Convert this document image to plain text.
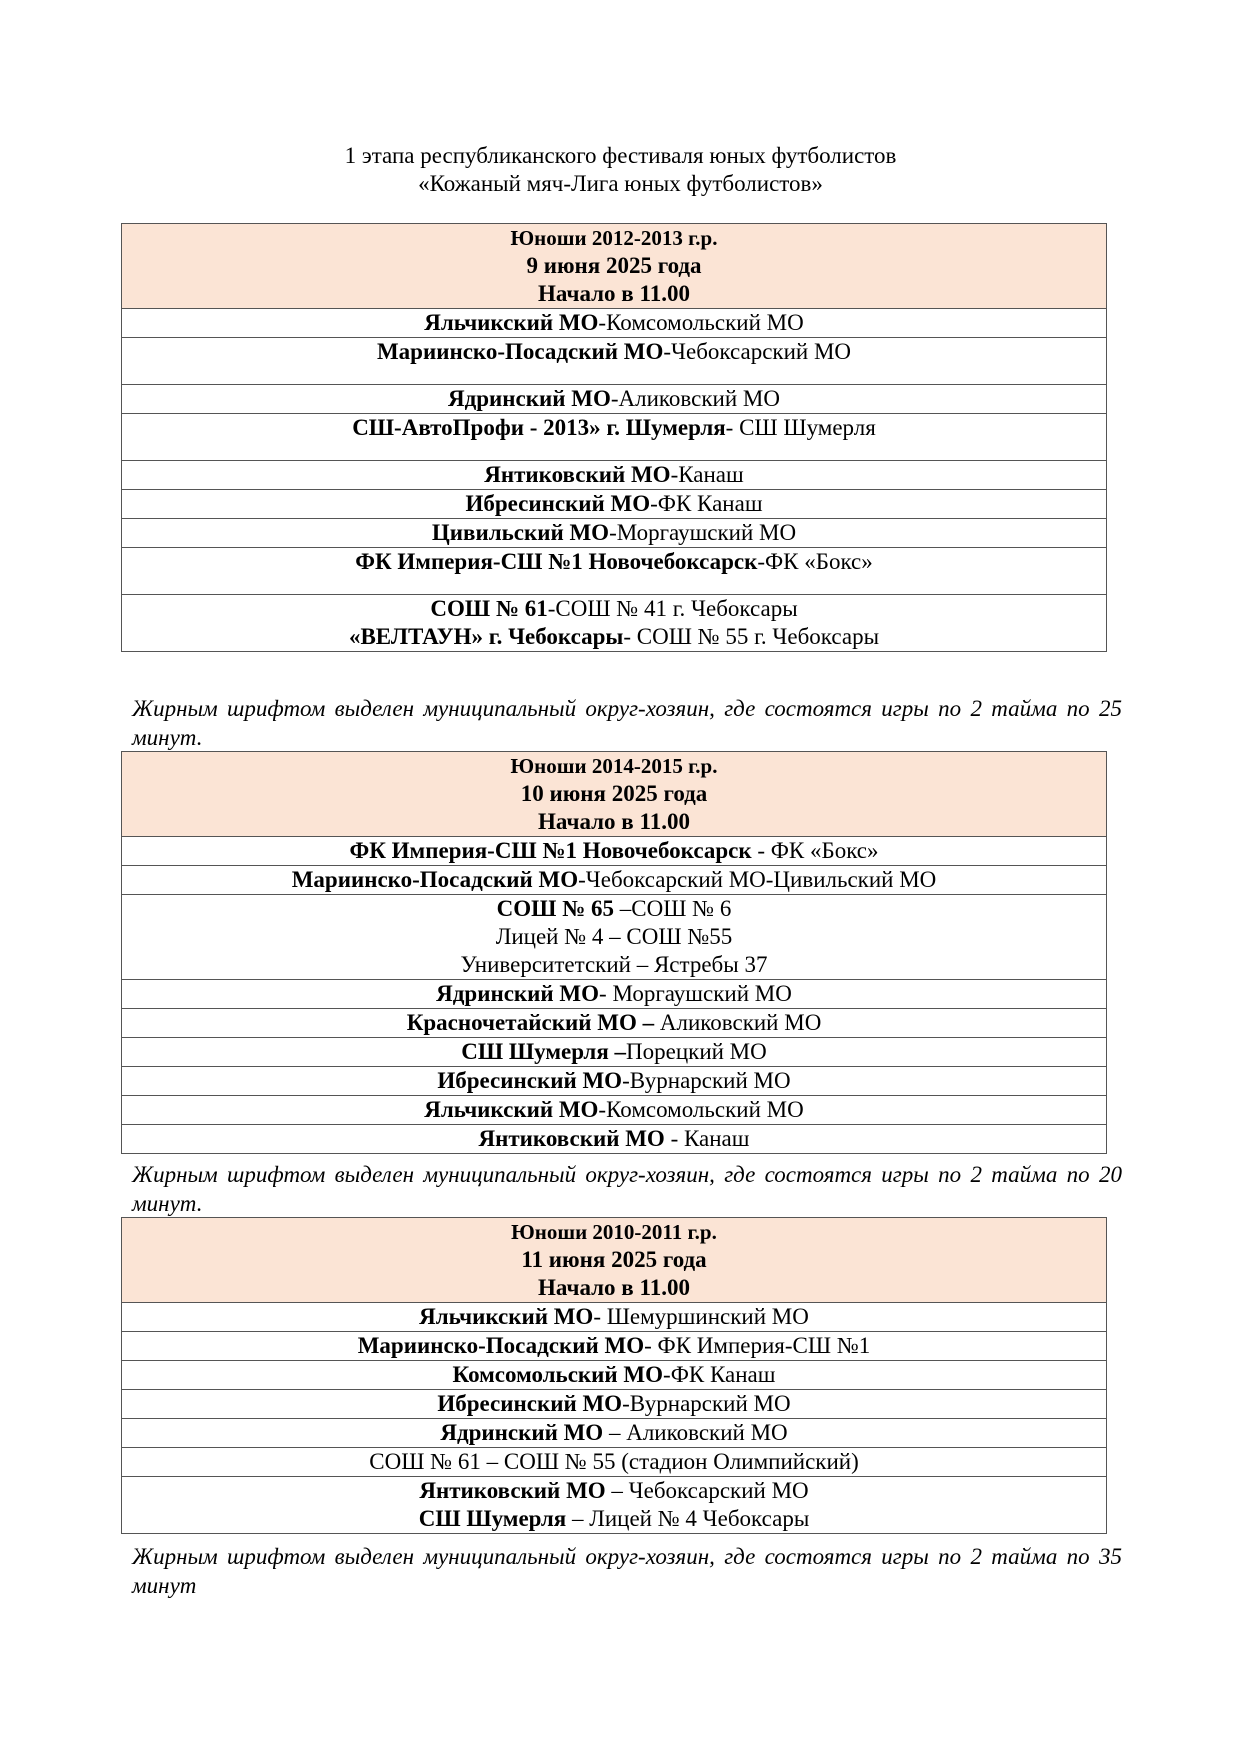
1 этапа республиканского фестиваля юных футболистов
«Кожаный мяч-Лига юных футболистов»
Юноши 2012-2013 г.р.
9 июня 2025 года
Начало в 11.00

Яльчикский МО-Комсомольский МО

Мариинско-Посадский МО-Чебоксарский МО

Ядринский МО-Аликовский МО

СШ-АвтоПрофи - 2013» г. Шумерля- СШ Шумерля

Янтиковский МО-Канаш

Ибресинский МО-ФК Канаш

Цивильский МО-Моргаушский МО

ФК Империя-СШ №1 Новочебоксарск-ФК «Бокс»

СОШ № 61-СОШ № 41 г. Чебоксары
«ВЕЛТАУН» г. Чебоксары- СОШ № 55 г. Чебоксары
Жирным шрифтом выделен муниципальный округ-хозяин, где состоятся игры по 2 тайма по 25 минут.
Юноши 2014-2015 г.р.
10 июня 2025 года
Начало в 11.00

ФК Империя-СШ №1 Новочебоксарск - ФК «Бокс»

Мариинско-Посадский МО-Чебоксарский МО-Цивильский МО

СОШ № 65 –СОШ № 6
Лицей № 4 – СОШ №55
Университетский – Ястребы 37

Ядринский МО- Моргаушский МО

Красночетайский МО – Аликовский МО

СШ Шумерля –Порецкий МО

Ибресинский МО-Вурнарский МО

Яльчикский МО-Комсомольский МО

Янтиковский МО - Канаш
Жирным шрифтом выделен муниципальный округ-хозяин, где состоятся игры по 2 тайма по 20 минут.
Юноши 2010-2011 г.р.
11 июня 2025 года
Начало в 11.00

Яльчикский МО- Шемуршинский МО

Мариинско-Посадский МО- ФК Империя-СШ №1

Комсомольский МО-ФК Канаш

Ибресинский МО-Вурнарский МО

Ядринский МО – Аликовский МО

СОШ № 61 – СОШ № 55 (стадион Олимпийский)

Янтиковский МО – Чебоксарский МО
СШ Шумерля – Лицей № 4 Чебоксары
Жирным шрифтом выделен муниципальный округ-хозяин, где состоятся игры по 2 тайма по 35 минут
